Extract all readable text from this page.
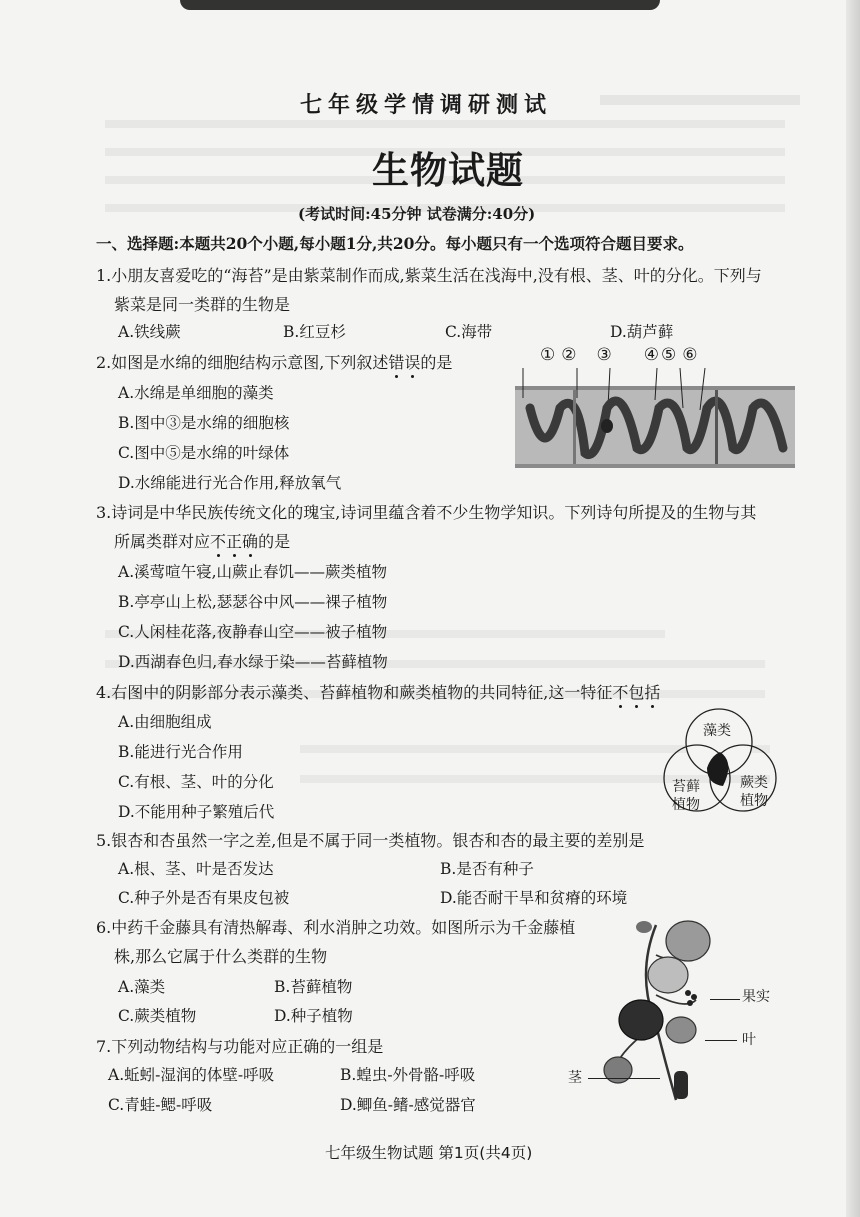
七年级学情调研测试
生物试题
(考试时间:45分钟 试卷满分:40分)
一、选择题:本题共20个小题,每小题1分,共20分。每小题只有一个选项符合题目要求。
1.小朋友喜爱吃的“海苔”是由紫菜制作而成,紫菜生活在浅海中,没有根、茎、叶的分化。下列与
紫菜是同一类群的生物是
A.铁线蕨	B.红豆杉	C.海带	D.葫芦藓
2.如图是水绵的细胞结构示意图,下列叙述错误的是
A.水绵是单细胞的藻类
B.图中③是水绵的细胞核
C.图中⑤是水绵的叶绿体
D.水绵能进行光合作用,释放氧气
① ② ③ ④⑤ ⑥
3.诗词是中华民族传统文化的瑰宝,诗词里蕴含着不少生物学知识。下列诗句所提及的生物与其
所属类群对应不正确的是
A.溪莺喧午寝,山蕨止春饥——蕨类植物
B.亭亭山上松,瑟瑟谷中风——裸子植物
C.人闲桂花落,夜静春山空——被子植物
D.西湖春色归,春水绿于染——苔藓植物
4.右图中的阴影部分表示藻类、苔藓植物和蕨类植物的共同特征,这一特征不包括
A.由细胞组成
B.能进行光合作用
C.有根、茎、叶的分化
D.不能用种子繁殖后代
藻类
苔藓
植物
蕨类
植物
5.银杏和杏虽然一字之差,但是不属于同一类植物。银杏和杏的最主要的差别是
A.根、茎、叶是否发达	B.是否有种子
C.种子外是否有果皮包被	D.能否耐干旱和贫瘠的环境
6.中药千金藤具有清热解毒、利水消肿之功效。如图所示为千金藤植
株,那么它属于什么类群的生物
A.藻类	B.苔藓植物
C.蕨类植物	D.种子植物
果实
叶
茎
7.下列动物结构与功能对应正确的一组是
A.蚯蚓-湿润的体壁-呼吸	B.蝗虫-外骨骼-呼吸
C.青蛙-鳃-呼吸	D.鲫鱼-鳍-感觉器官
七年级生物试题 第1页(共4页)
